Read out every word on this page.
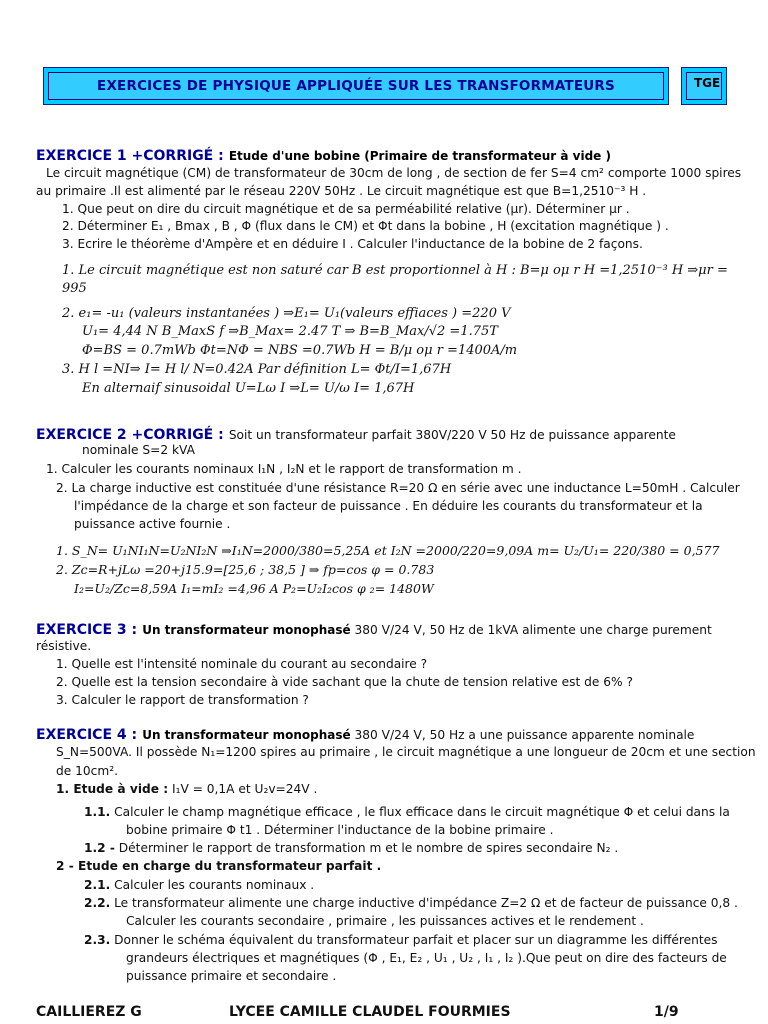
EXERCICES DE PHYSIQUE APPLIQUÉE SUR LES TRANSFORMATEURS	TGE
EXERCICE 1 +CORRIGÉ : Etude d'une bobine (Primaire de transformateur à vide )
Le circuit magnétique (CM) de transformateur de 30cm de long , de section de fer S=4 cm² comporte 1000 spires
au primaire .Il est alimenté par le réseau 220V 50Hz . Le circuit magnétique est que B=1,2510⁻³ H .
1. Que peut on dire du circuit magnétique et de sa perméabilité relative (μr). Déterminer μr .
2. Déterminer E₁ , Bmax , B , Φ (flux dans le CM) et Φt dans la bobine , H (excitation magnétique ) .
3. Ecrire le théorème d'Ampère et en déduire I . Calculer l'inductance de la bobine de 2 façons.
1. Le circuit magnétique est non saturé car B est proportionnel à H : B=μ oμ r H =1,2510⁻³ H ⇒μr =
995
2. e₁= -u₁ (valeurs instantanées ) ⇒E₁= U₁(valeurs effiaces ) =220 V
U₁= 4,44 N B_MaxS f ⇒B_Max= 2.47 T ⇒ B=B_Max/√2 =1.75T
Φ=BS = 0.7mWb Φt=NΦ = NBS =0.7Wb H = B/μ oμ r =1400A/m
3. H l =NI⇒ I= H l/ N=0.42A Par définition L= Φt/I=1,67H
En alternaif sinusoidal U=Lω I ⇒L= U/ω I= 1,67H
EXERCICE 2 +CORRIGÉ : Soit un transformateur parfait 380V/220 V 50 Hz de puissance apparente
nominale S=2 kVA
1. Calculer les courants nominaux I₁N , I₂N et le rapport de transformation m .
2. La charge inductive est constituée d'une résistance R=20 Ω en série avec une inductance L=50mH . Calculer
l'impédance de la charge et son facteur de puissance . En déduire les courants du transformateur et la
puissance active fournie .
1. S_N= U₁NI₁N=U₂NI₂N ⇒I₁N=2000/380=5,25A et I₂N =2000/220=9,09A m= U₂/U₁= 220/380 = 0,577
2. Zc=R+jLω =20+j15.9=[25,6 ; 38,5 ] ⇒ fp=cos φ = 0.783
I₂=U₂/Zc=8,59A I₁=mI₂ =4,96 A P₂=U₂I₂cos φ ₂= 1480W
EXERCICE 3 : Un transformateur monophasé 380 V/24 V, 50 Hz de 1kVA alimente une charge purement
résistive.
1. Quelle est l'intensité nominale du courant au secondaire ?
2. Quelle est la tension secondaire à vide sachant que la chute de tension relative est de 6% ?
3. Calculer le rapport de transformation ?
EXERCICE 4 : Un transformateur monophasé 380 V/24 V, 50 Hz a une puissance apparente nominale
S_N=500VA. Il possède N₁=1200 spires au primaire , le circuit magnétique a une longueur de 20cm et une section
de 10cm².
1. Etude à vide : I₁V = 0,1A et U₂v=24V .
1.1. Calculer le champ magnétique efficace , le flux efficace dans le circuit magnétique Φ et celui dans la
bobine primaire Φ t1 . Déterminer l'inductance de la bobine primaire .
1.2 - Déterminer le rapport de transformation m et le nombre de spires secondaire N₂ .
2 - Etude en charge du transformateur parfait .
2.1. Calculer les courants nominaux .
2.2. Le transformateur alimente une charge inductive d'impédance Z=2 Ω et de facteur de puissance 0,8 .
Calculer les courants secondaire , primaire , les puissances actives et le rendement .
2.3. Donner le schéma équivalent du transformateur parfait et placer sur un diagramme les différentes
grandeurs électriques et magnétiques (Φ , E₁, E₂ , U₁ , U₂ , I₁ , I₂ ).Que peut on dire des facteurs de
puissance primaire et secondaire .
CAILLIEREZ G	LYCEE CAMILLE CLAUDEL FOURMIES	1/9
